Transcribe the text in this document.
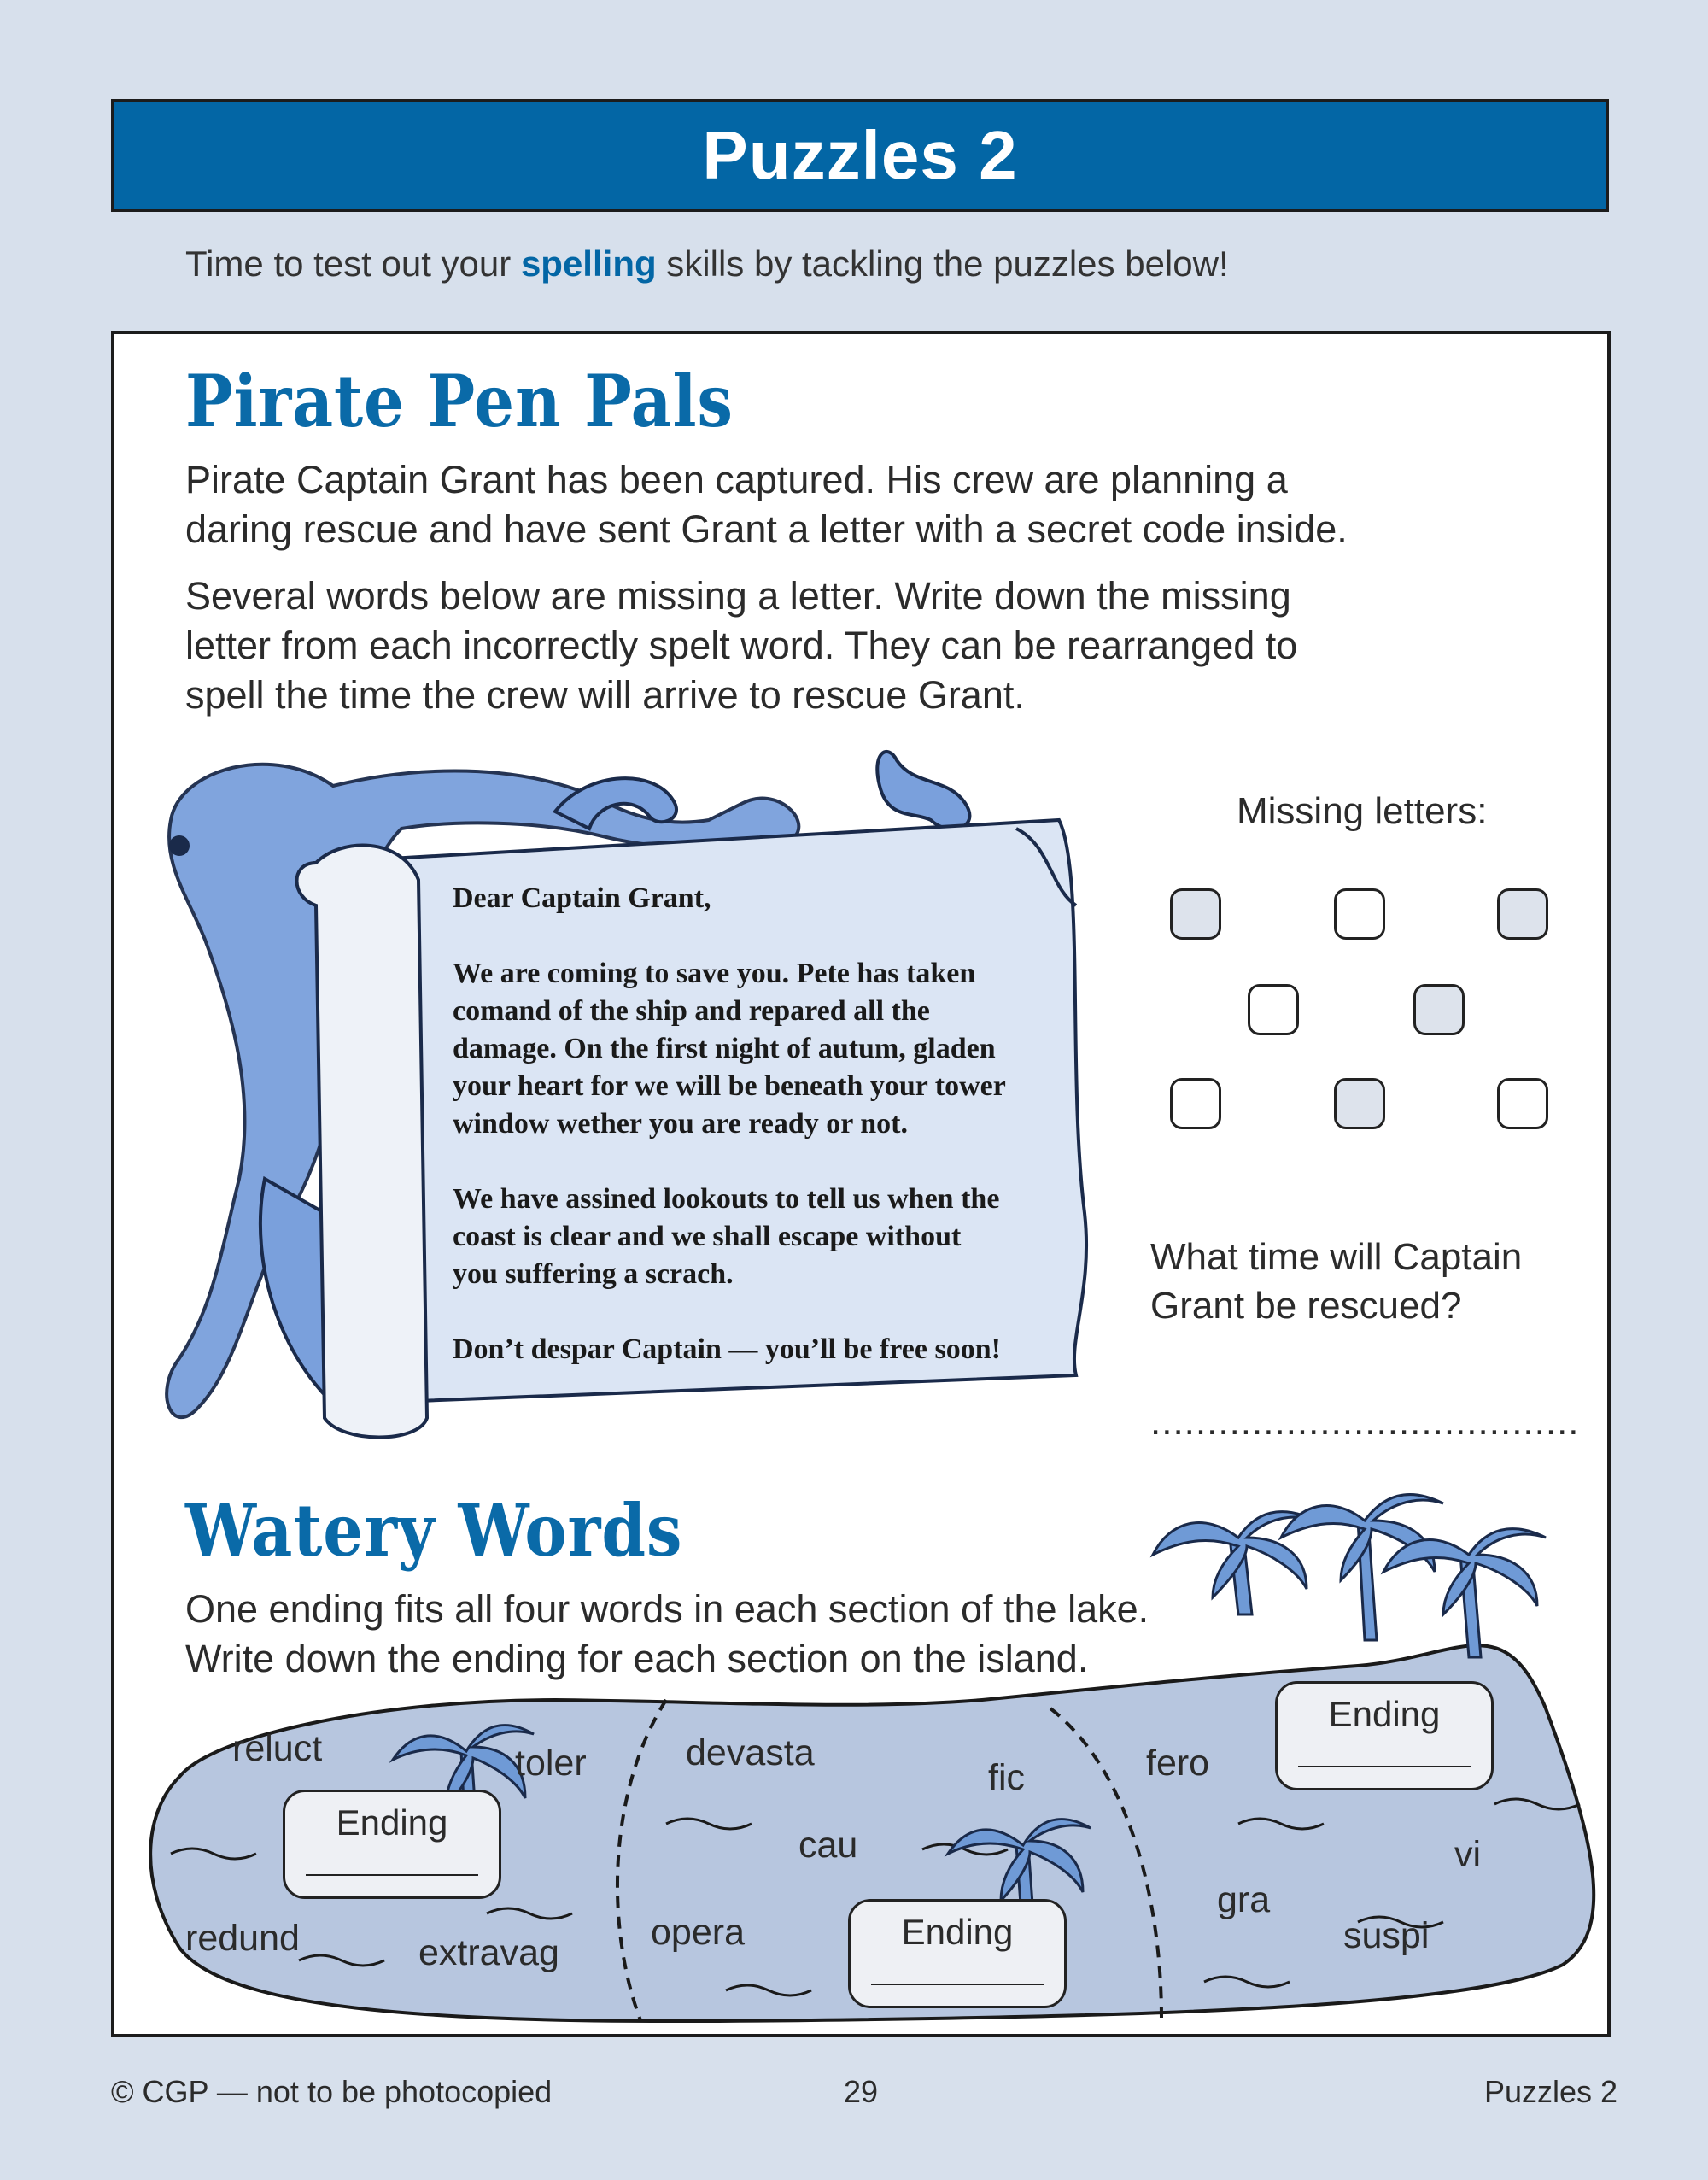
Puzzles 2
Time to test out your spelling skills by tackling the puzzles below!
Pirate Pen Pals
Pirate Captain Grant has been captured. His crew are planning a
daring rescue and have sent Grant a letter with a secret code inside.
Several words below are missing a letter. Write down the missing
letter from each incorrectly spelt word. They can be rearranged to
spell the time the crew will arrive to rescue Grant.
Dear Captain Grant,
We are coming to save you. Pete has taken
comand of the ship and repared all the
damage. On the first night of autum, gladen
your heart for we will be beneath your tower
window wether you are ready or not.
We have assined lookouts to tell us when the
coast is clear and we shall escape without
you suffering a scrach.
Don’t despar Captain — you’ll be free soon!
Missing letters:
What time will Captain
Grant be rescued?
......................................
Watery Words
One ending fits all four words in each section of the lake.
Write down the ending for each section on the island.
reluct	toler
redund	extravag
devasta
fic
cau
opera
fero
vi
gra
suspi
Ending
Ending
Ending
© CGP — not to be photocopied	29	Puzzles 2
